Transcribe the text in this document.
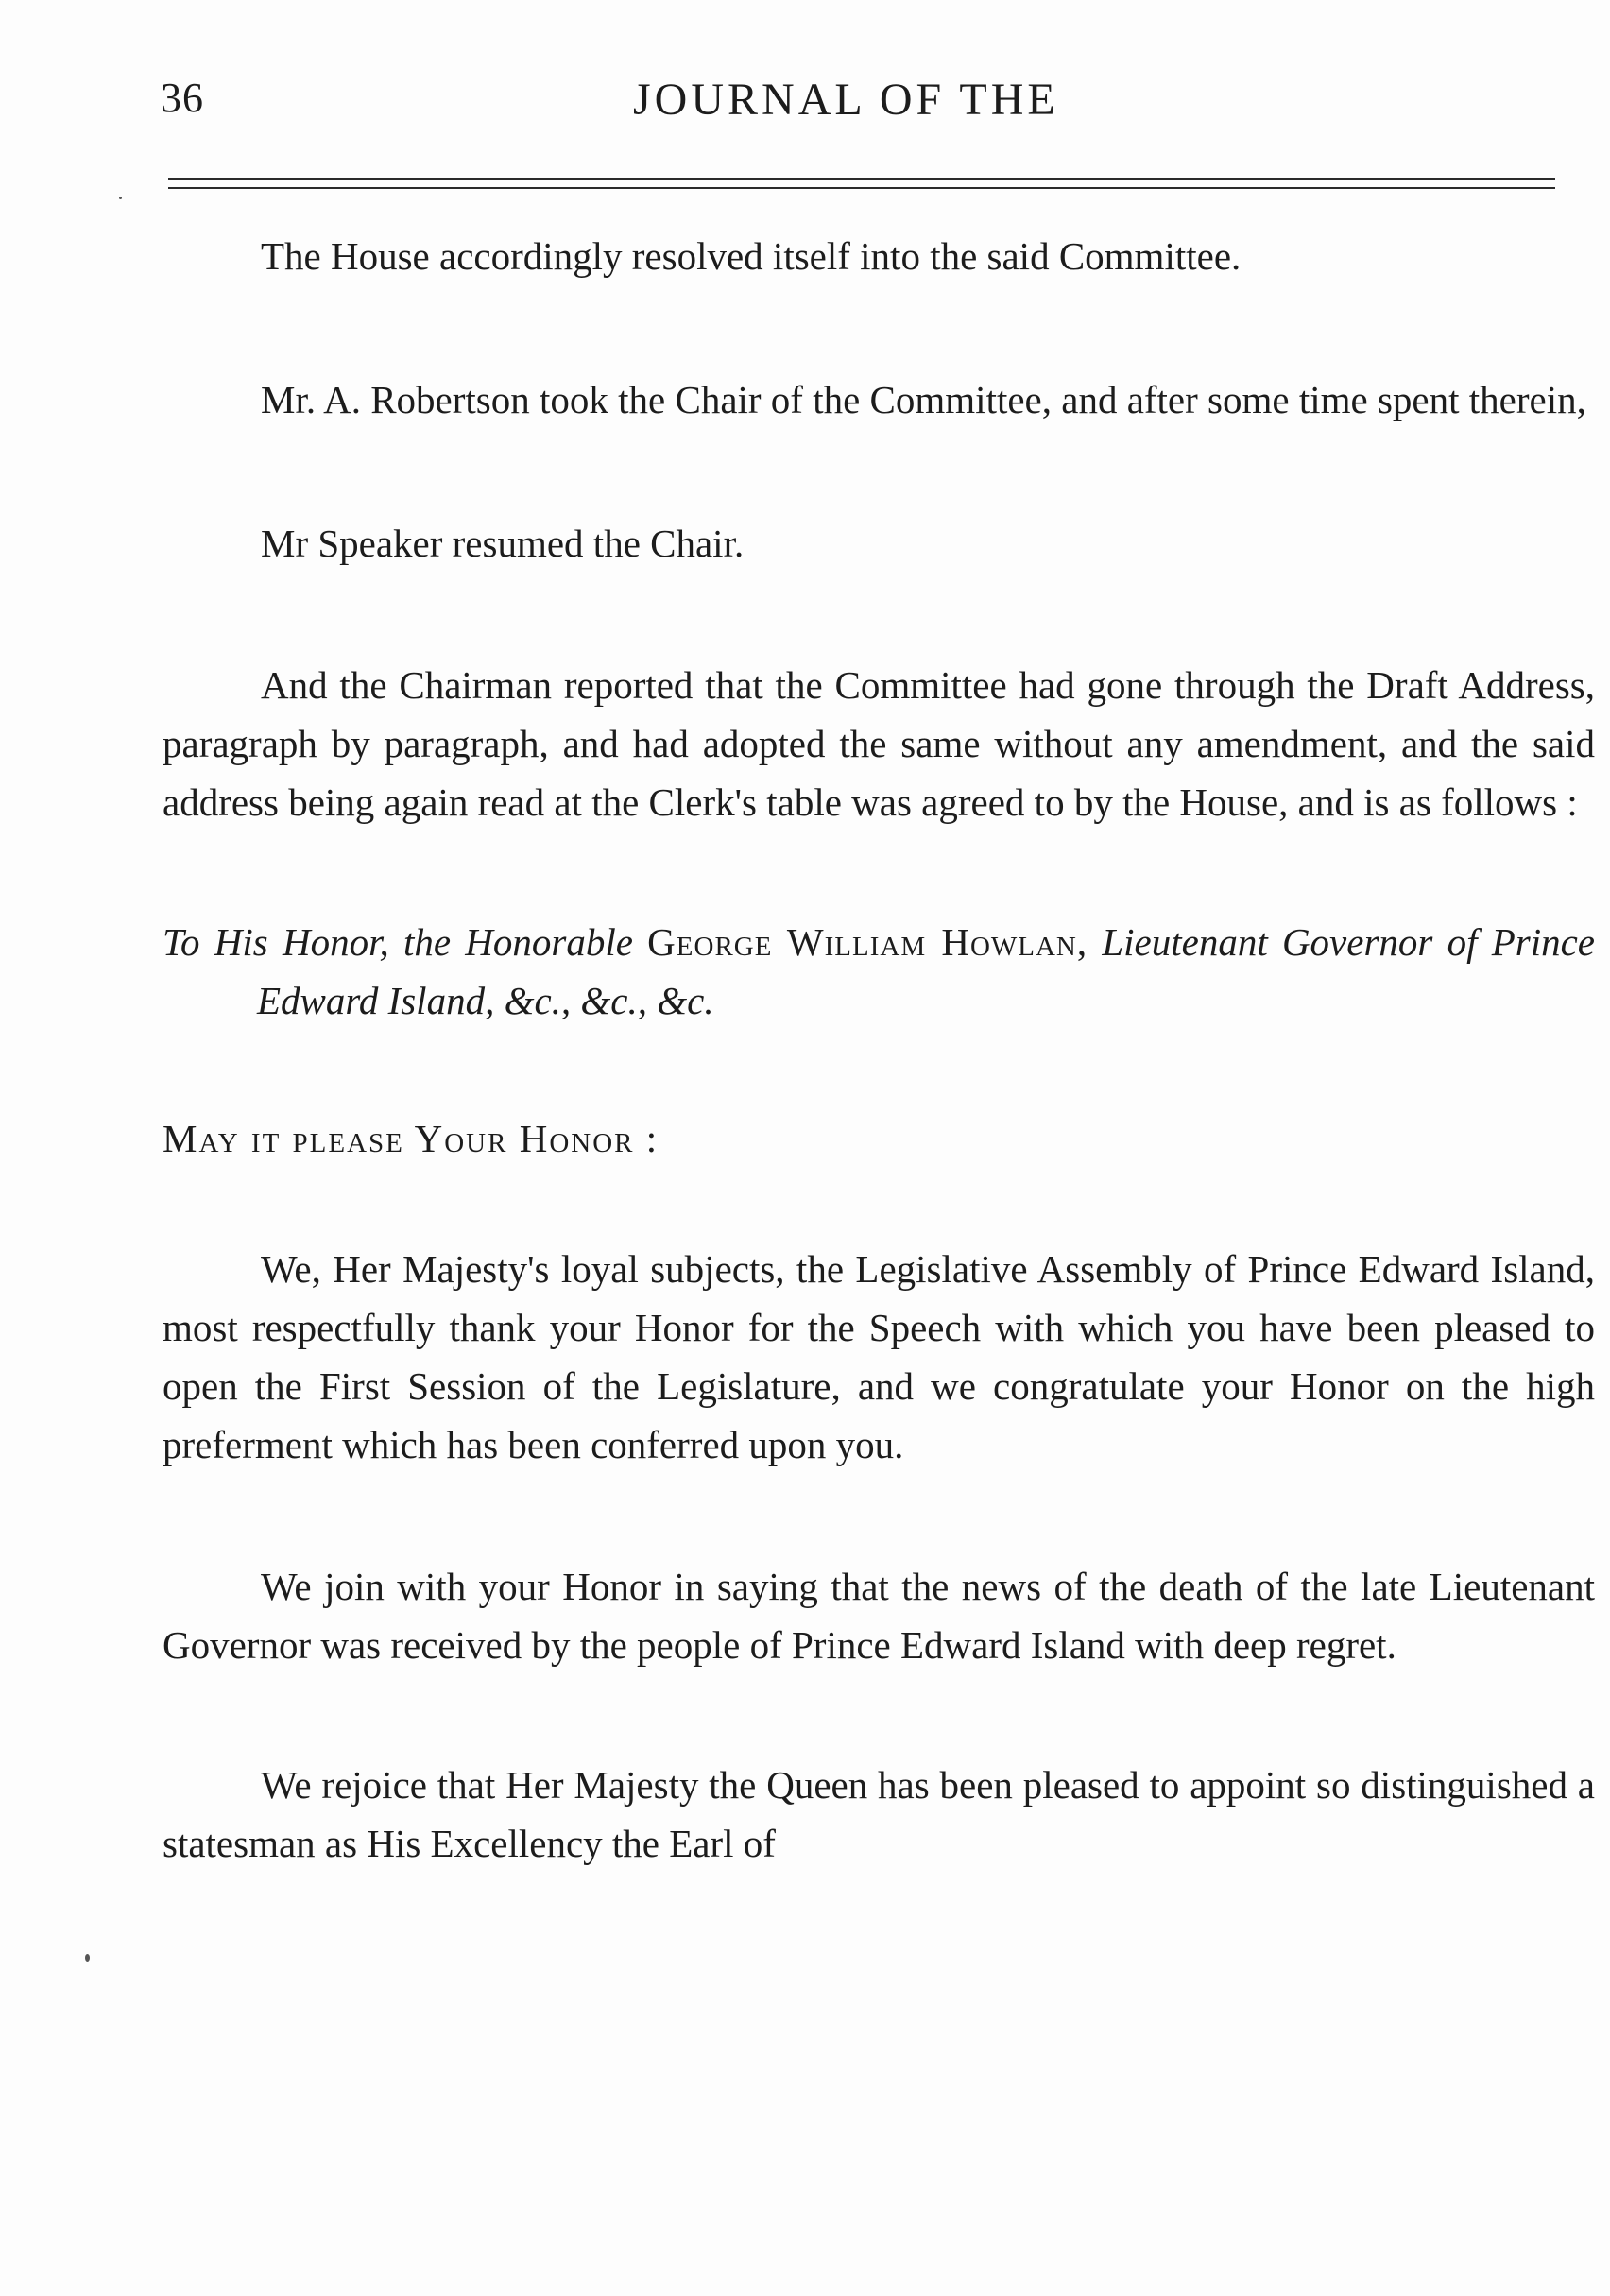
36	JOURNAL OF THE

The House accordingly resolved itself into the said Committee.

Mr. A. Robertson took the Chair of the Committee, and after some time spent therein,

Mr Speaker resumed the Chair.

And the Chairman reported that the Committee had gone through the Draft Address, paragraph by paragraph, and had adopted the same without any amendment, and the said address being again read at the Clerk's table was agreed to by the House, and is as follows :

To His Honor, the Honorable George William Howlan, Lieutenant Governor of Prince Edward Island, &c., &c., &c.

May it please Your Honor :

We, Her Majesty's loyal subjects, the Legislative Assembly of Prince Edward Island, most respectfully thank your Honor for the Speech with which you have been pleased to open the First Session of the Legislature, and we congratulate your Honor on the high preferment which has been conferred upon you.

We join with your Honor in saying that the news of the death of the late Lieutenant Governor was received by the people of Prince Edward Island with deep regret.

We rejoice that Her Majesty the Queen has been pleased to appoint so distinguished a statesman as His Excellency the Earl of
